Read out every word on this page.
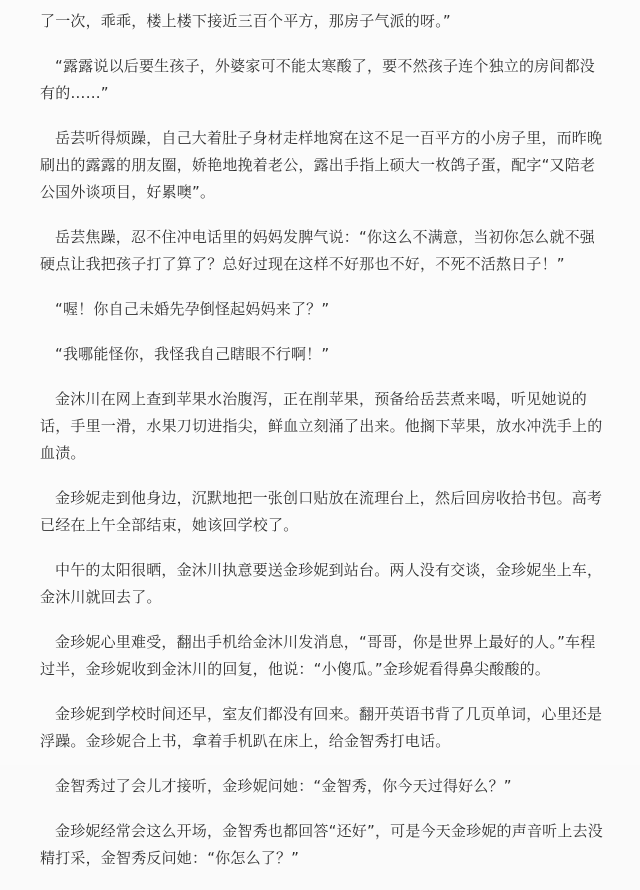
了一次，乖乖，楼上楼下接近三百个平方，那房子气派的呀。”

“露露说以后要生孩子，外婆家可不能太寒酸了，要不然孩子连个独立的房间都没有的……”

岳芸听得烦躁，自己大着肚子身材走样地窝在这不足一百平方的小房子里，而昨晚刷出的露露的朋友圈，娇艳地挽着老公，露出手指上硕大一枚鸽子蛋，配字“又陪老公国外谈项目，好累噢”。

岳芸焦躁，忍不住冲电话里的妈妈发脾气说：“你这么不满意，当初你怎么就不强硬点让我把孩子打了算了？总好过现在这样不好那也不好，不死不活熬日子！”

“喔！你自己未婚先孕倒怪起妈妈来了？”

“我哪能怪你，我怪我自己瞎眼不行啊！”

金沐川在网上查到苹果水治腹泻，正在削苹果，预备给岳芸煮来喝，听见她说的话，手里一滑，水果刀切进指尖，鲜血立刻涌了出来。他搁下苹果，放水冲洗手上的血渍。

金珍妮走到他身边，沉默地把一张创口贴放在流理台上，然后回房收拾书包。高考已经在上午全部结束，她该回学校了。

中午的太阳很晒，金沐川执意要送金珍妮到站台。两人没有交谈，金珍妮坐上车，金沐川就回去了。

金珍妮心里难受，翻出手机给金沐川发消息，“哥哥，你是世界上最好的人。”车程过半，金珍妮收到金沐川的回复，他说：“小傻瓜。”金珍妮看得鼻尖酸酸的。

金珍妮到学校时间还早，室友们都没有回来。翻开英语书背了几页单词，心里还是浮躁。金珍妮合上书，拿着手机趴在床上，给金智秀打电话。

金智秀过了会儿才接听，金珍妮问她：“金智秀，你今天过得好么？”

金珍妮经常会这么开场，金智秀也都回答“还好”，可是今天金珍妮的声音听上去没精打采，金智秀反问她：“你怎么了？”
